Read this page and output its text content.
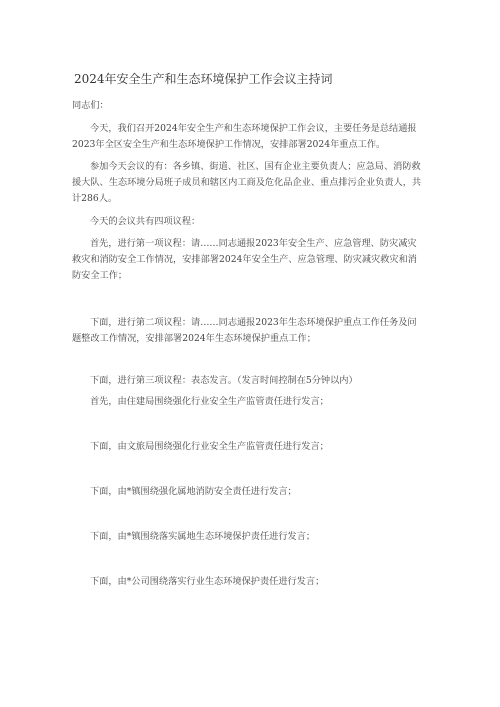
2024年安全生产和生态环境保护工作会议主持词
同志们：
今天，我们召开2024年安全生产和生态环境保护工作会议，主要任务是总结通报
2023年全区安全生产和生态环境保护工作情况，安排部署2024年重点工作。
参加今天会议的有：各乡镇、街道、社区、国有企业主要负责人；应急局、消防救
援大队、生态环境分局班子成员和辖区内工商及危化品企业、重点排污企业负责人，共
计286人。
今天的会议共有四项议程：
首先，进行第一项议程：请……同志通报2023年安全生产、应急管理、防灾减灾
救灾和消防安全工作情况，安排部署2024年安全生产、应急管理、防灾减灾救灾和消
防安全工作；
下面，进行第二项议程：请……同志通报2023年生态环境保护重点工作任务及问
题整改工作情况，安排部署2024年生态环境保护重点工作；
下面，进行第三项议程：表态发言。（发言时间控制在5分钟以内）
首先，由住建局围绕强化行业安全生产监管责任进行发言；
下面，由文旅局围绕强化行业安全生产监管责任进行发言；
下面，由*镇围绕强化属地消防安全责任进行发言；
下面，由*镇围绕落实属地生态环境保护责任进行发言；
下面，由*公司围绕落实行业生态环境保护责任进行发言；
